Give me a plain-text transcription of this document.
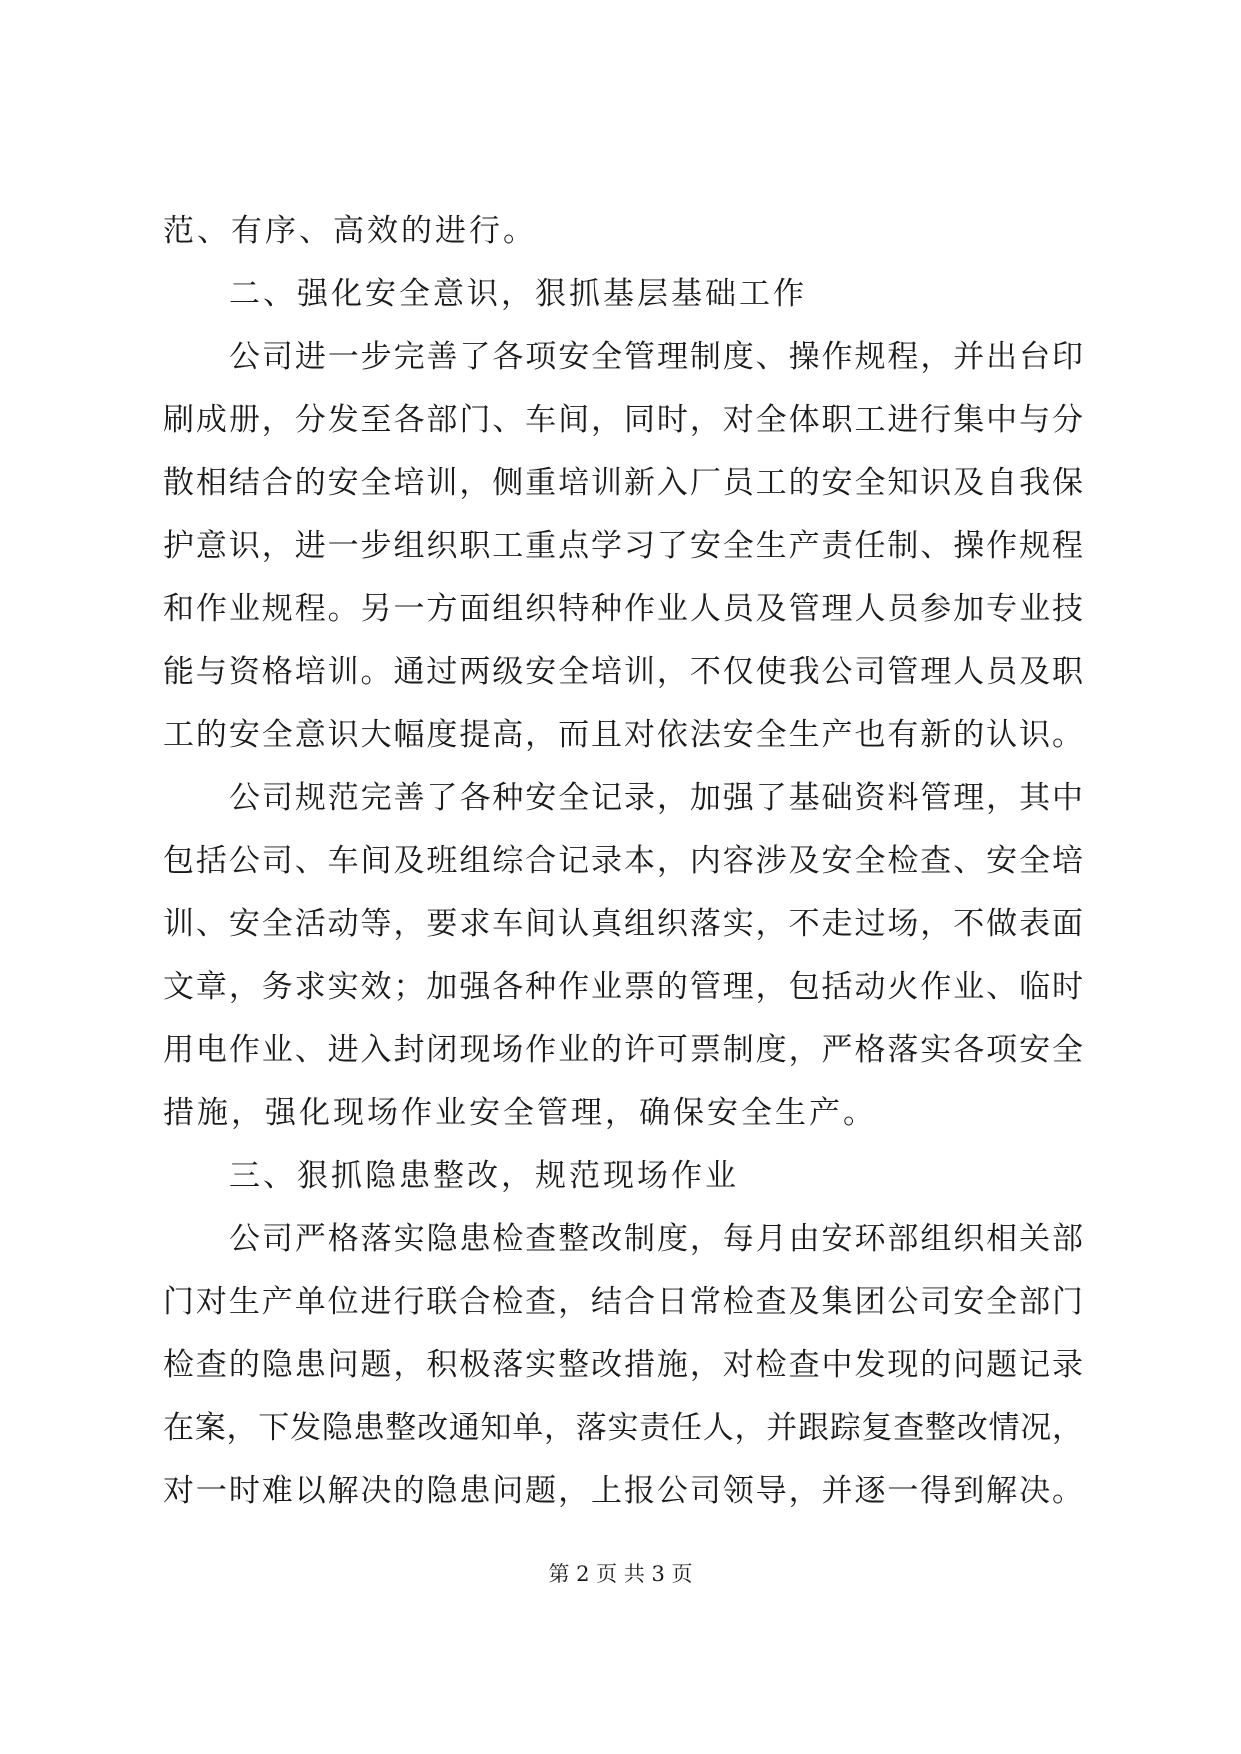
范、有序、高效的进行。
二、强化安全意识，狠抓基层基础工作
公司进一步完善了各项安全管理制度、操作规程，并出台印
刷成册，分发至各部门、车间，同时，对全体职工进行集中与分
散相结合的安全培训，侧重培训新入厂员工的安全知识及自我保
护意识，进一步组织职工重点学习了安全生产责任制、操作规程
和作业规程。另一方面组织特种作业人员及管理人员参加专业技
能与资格培训。通过两级安全培训，不仅使我公司管理人员及职
工的安全意识大幅度提高，而且对依法安全生产也有新的认识。
公司规范完善了各种安全记录，加强了基础资料管理，其中
包括公司、车间及班组综合记录本，内容涉及安全检查、安全培
训、安全活动等，要求车间认真组织落实，不走过场，不做表面
文章，务求实效；加强各种作业票的管理，包括动火作业、临时
用电作业、进入封闭现场作业的许可票制度，严格落实各项安全
措施，强化现场作业安全管理，确保安全生产。
三、狠抓隐患整改，规范现场作业
公司严格落实隐患检查整改制度，每月由安环部组织相关部
门对生产单位进行联合检查，结合日常检查及集团公司安全部门
检查的隐患问题，积极落实整改措施，对检查中发现的问题记录
在案，下发隐患整改通知单，落实责任人，并跟踪复查整改情况，
对一时难以解决的隐患问题，上报公司领导，并逐一得到解决。
第 2 页 共 3 页
